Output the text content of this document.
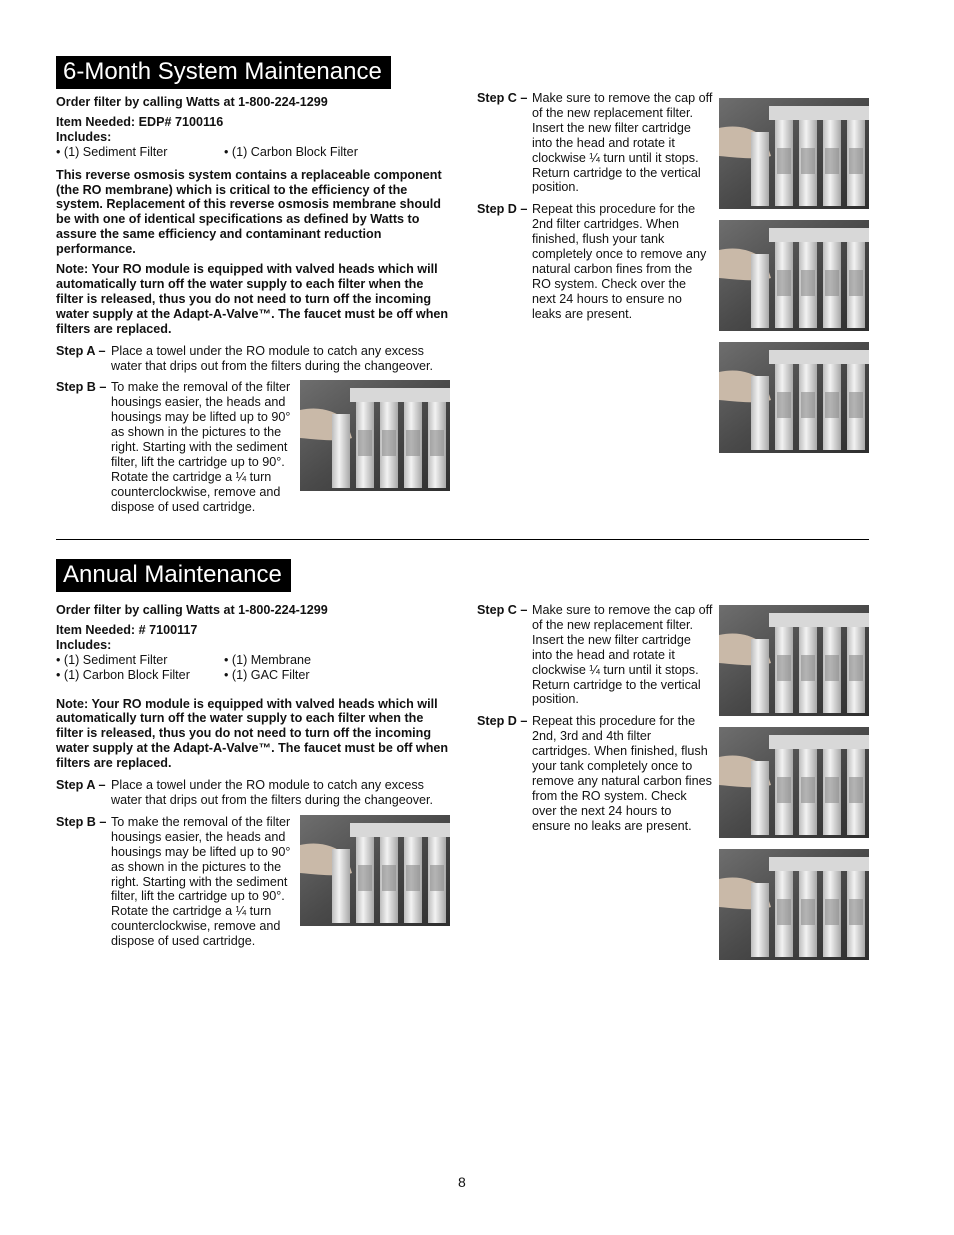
6-Month System Maintenance

Order filter by calling Watts at 1-800-224-1299

Item Needed: EDP# 7100116

Includes:

• (1) Sediment Filter	• (1) Carbon Block Filter

This reverse osmosis system contains a replaceable component (the RO membrane) which is critical to the efficiency of the system. Replacement of this reverse osmosis membrane should be with one of identical specifications as defined by Watts to assure the same efficiency and contaminant reduction performance.

Note: Your RO module is equipped with valved heads which will automatically turn off the water supply to each filter when the filter is released, thus you do not need to turn off the incoming water supply at the Adapt-A-Valve™. The faucet must be off when filters are replaced.

Step A – Place a towel under the RO module to catch any excess water that drips out from the filters during the changeover.
Step B – To make the removal of the filter housings easier, the heads and housings may be lifted up to 90° as shown in the pictures to the right. Starting with the sediment filter, lift the cartridge up to 90°. Rotate the cartridge a ¼ turn counterclockwise, remove and dispose of used cartridge.
Step C – Make sure to remove the cap off of the new replacement filter. Insert the new filter cartridge into the head and rotate it clockwise ¼ turn until it stops. Return cartridge to the vertical position.
Step D – Repeat this procedure for the 2nd filter cartridges. When finished, flush your tank completely once to remove any natural carbon fines from the RO system. Check over the next 24 hours to ensure no leaks are present.
Annual Maintenance

Order filter by calling Watts at 1-800-224-1299

Item Needed: # 7100117

Includes:

• (1) Sediment Filter	• (1) Membrane
• (1) Carbon Block Filter	• (1) GAC Filter

Note: Your RO module is equipped with valved heads which will automatically turn off the water supply to each filter when the filter is released, thus you do not need to turn off the incoming water supply at the Adapt-A-Valve™. The faucet must be off when filters are replaced.

Step A – Place a towel under the RO module to catch any excess water that drips out from the filters during the changeover.
Step B – To make the removal of the filter housings easier, the heads and housings may be lifted up to 90° as shown in the pictures to the right. Starting with the sediment filter, lift the cartridge up to 90°. Rotate the cartridge a ¼ turn counterclockwise, remove and dispose of used cartridge.
Step C – Make sure to remove the cap off of the new replacement filter. Insert the new filter cartridge into the head and rotate it clockwise ¼ turn until it stops. Return cartridge to the vertical position.
Step D – Repeat this procedure for the 2nd, 3rd and 4th filter cartridges. When finished, flush your tank completely once to remove any natural carbon fines from the RO system. Check over the next 24 hours to ensure no leaks are present.
8
